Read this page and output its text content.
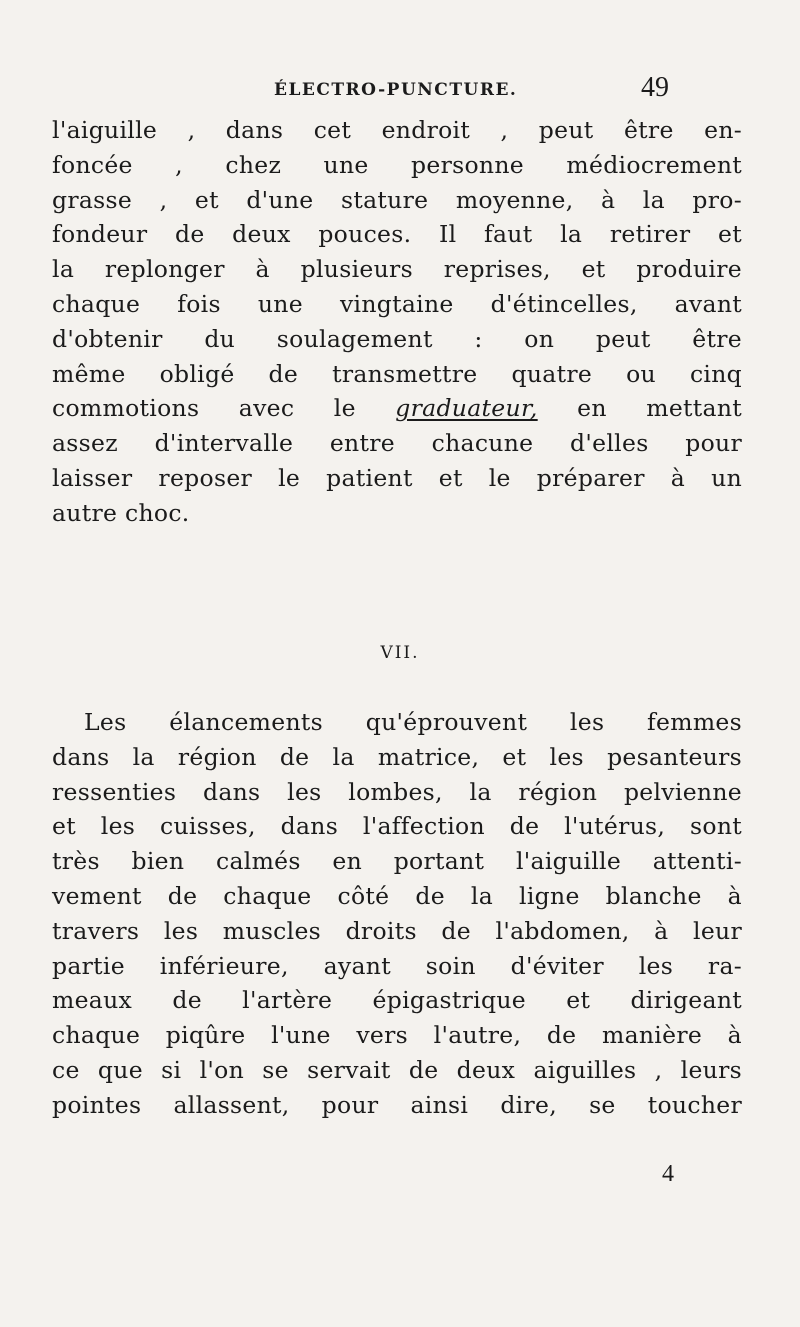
ÉLECTRO-PUNCTURE.	49
l'aiguille , dans cet endroit , peut être en-
foncée , chez une personne médiocrement
grasse , et d'une stature moyenne, à la pro-
fondeur de deux pouces. Il faut la retirer et
la replonger à plusieurs reprises, et produire
chaque fois une vingtaine d'étincelles, avant
d'obtenir du soulagement : on peut être
même obligé de transmettre quatre ou cinq
commotions avec le graduateur, en mettant
assez d'intervalle entre chacune d'elles pour
laisser reposer le patient et le préparer à un
autre choc.
VII.
Les élancements qu'éprouvent les femmes
dans la région de la matrice, et les pesanteurs
ressenties dans les lombes, la région pelvienne
et les cuisses, dans l'affection de l'utérus, sont
très bien calmés en portant l'aiguille attenti-
vement de chaque côté de la ligne blanche à
travers les muscles droits de l'abdomen, à leur
partie inférieure, ayant soin d'éviter les ra-
meaux de l'artère épigastrique et dirigeant
chaque piqûre l'une vers l'autre, de manière à
ce que si l'on se servait de deux aiguilles , leurs
pointes allassent, pour ainsi dire, se toucher
4
